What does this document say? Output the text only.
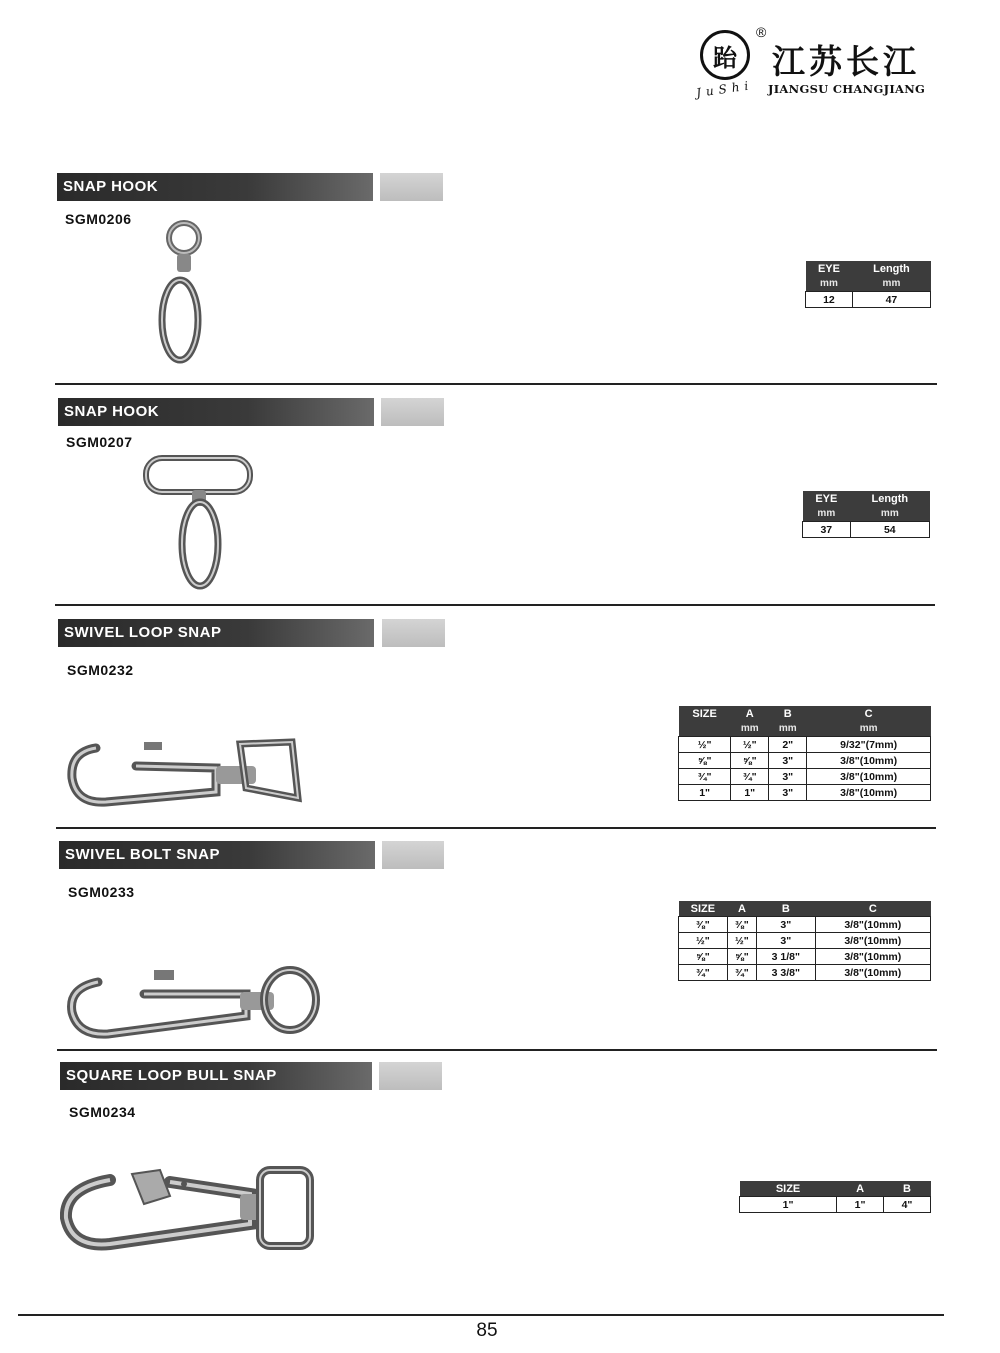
跆
®
JuShi
江苏长江
JIANGSU CHANGJIANG
SNAP HOOK
SGM0206
EYE	Length
mm	mm
12	47
SNAP HOOK
SGM0207
EYE	Length
mm	mm
37	54
SWIVEL LOOP SNAP
SGM0232
SIZE	A	B	C
	mm	mm	mm
½"	½"	2"	9/32"(7mm)
⅝"	⅝"	3"	3/8"(10mm)
¾"	¾"	3"	3/8"(10mm)
1"	1"	3"	3/8"(10mm)
SWIVEL BOLT SNAP
SGM0233
SIZE	A	B	C
⅜"	⅜"	3"	3/8"(10mm)
½"	½"	3"	3/8"(10mm)
⅝"	⅝"	3 1/8"	3/8"(10mm)
¾"	¾"	3 3/8"	3/8"(10mm)
SQUARE LOOP BULL SNAP
SGM0234
SIZE	A	B
1"	1"	4"
85
